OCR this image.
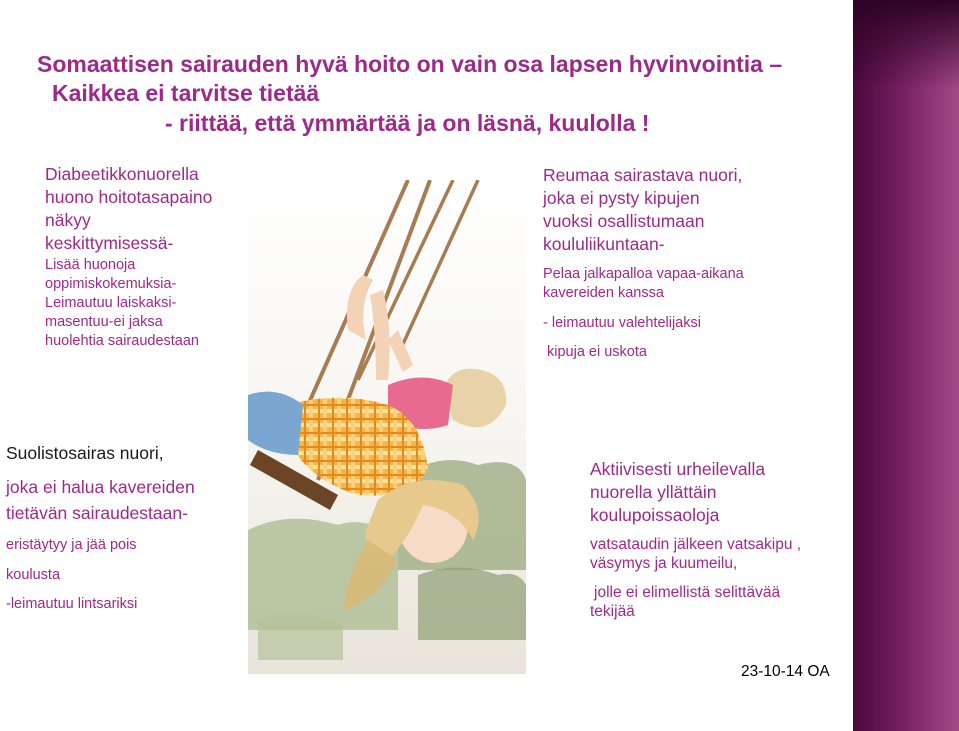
Somaattisen sairauden hyvä hoito on vain osa lapsen hyvinvointia –
Kaikkea ei tarvitse tietää
- riittää, että ymmärtää ja on läsnä, kuulolla !
Diabeetikkonuorella
huono hoitotasapaino
näkyy
keskittymisessä-
Lisää huonoja
oppimiskokemuksia-
Leimautuu laiskaksi-
masentuu-ei jaksa
huolehtia sairaudestaan
Reumaa sairastava nuori,
joka ei pysty kipujen
vuoksi osallistumaan
koululiikuntaan-
Pelaa jalkapalloa vapaa-aikana
kavereiden kanssa
- leimautuu valehtelijaksi
kipuja ei uskota
Suolistosairas nuori,
joka ei halua kavereiden
tietävän sairaudestaan-
eristäytyy ja jää pois
koulusta
-leimautuu lintsariksi
Aktiivisesti urheilevalla
nuorella yllättäin
koulupoissaoloja
vatsataudin jälkeen vatsakipu ,
väsymys ja kuumeilu,
jolle ei elimellistä selittävää
tekijää
23-10-14 OA
